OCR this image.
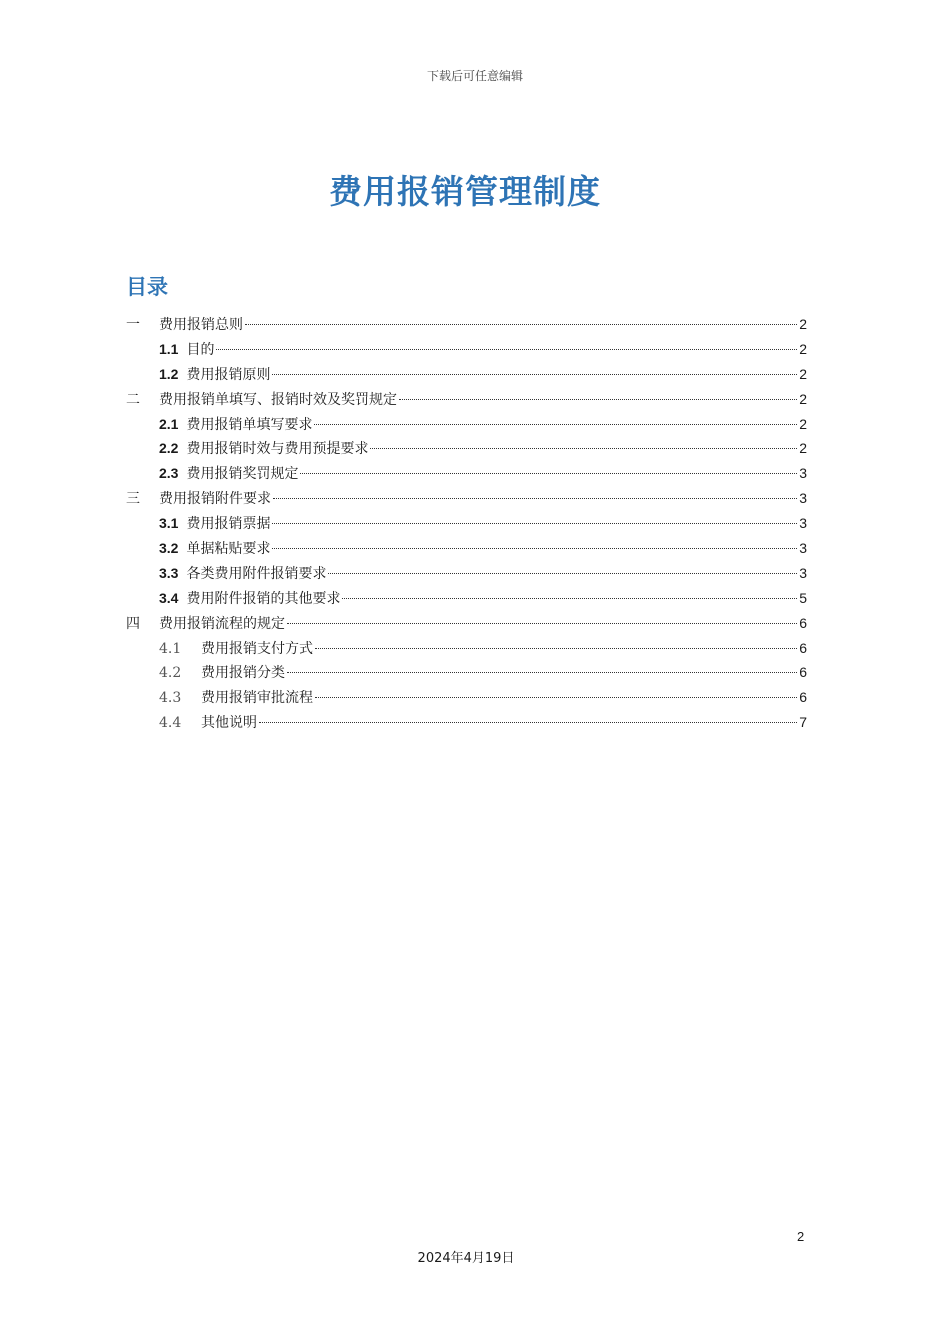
下载后可任意编辑
费用报销管理制度
目录
一	费用报销总则	2
1.1 目的	2
1.2 费用报销原则	2
二	费用报销单填写、报销时效及奖罚规定	2
2.1 费用报销单填写要求	2
2.2 费用报销时效与费用预提要求	2
2.3 费用报销奖罚规定	3
三	费用报销附件要求	3
3.1 费用报销票据	3
3.2 单据粘贴要求	3
3.3 各类费用附件报销要求	3
3.4 费用附件报销的其他要求	5
四	费用报销流程的规定	6
4.1	费用报销支付方式	6
4.2	费用报销分类	6
4.3	费用报销审批流程	6
4.4	其他说明	7
2
2024年4月19日
